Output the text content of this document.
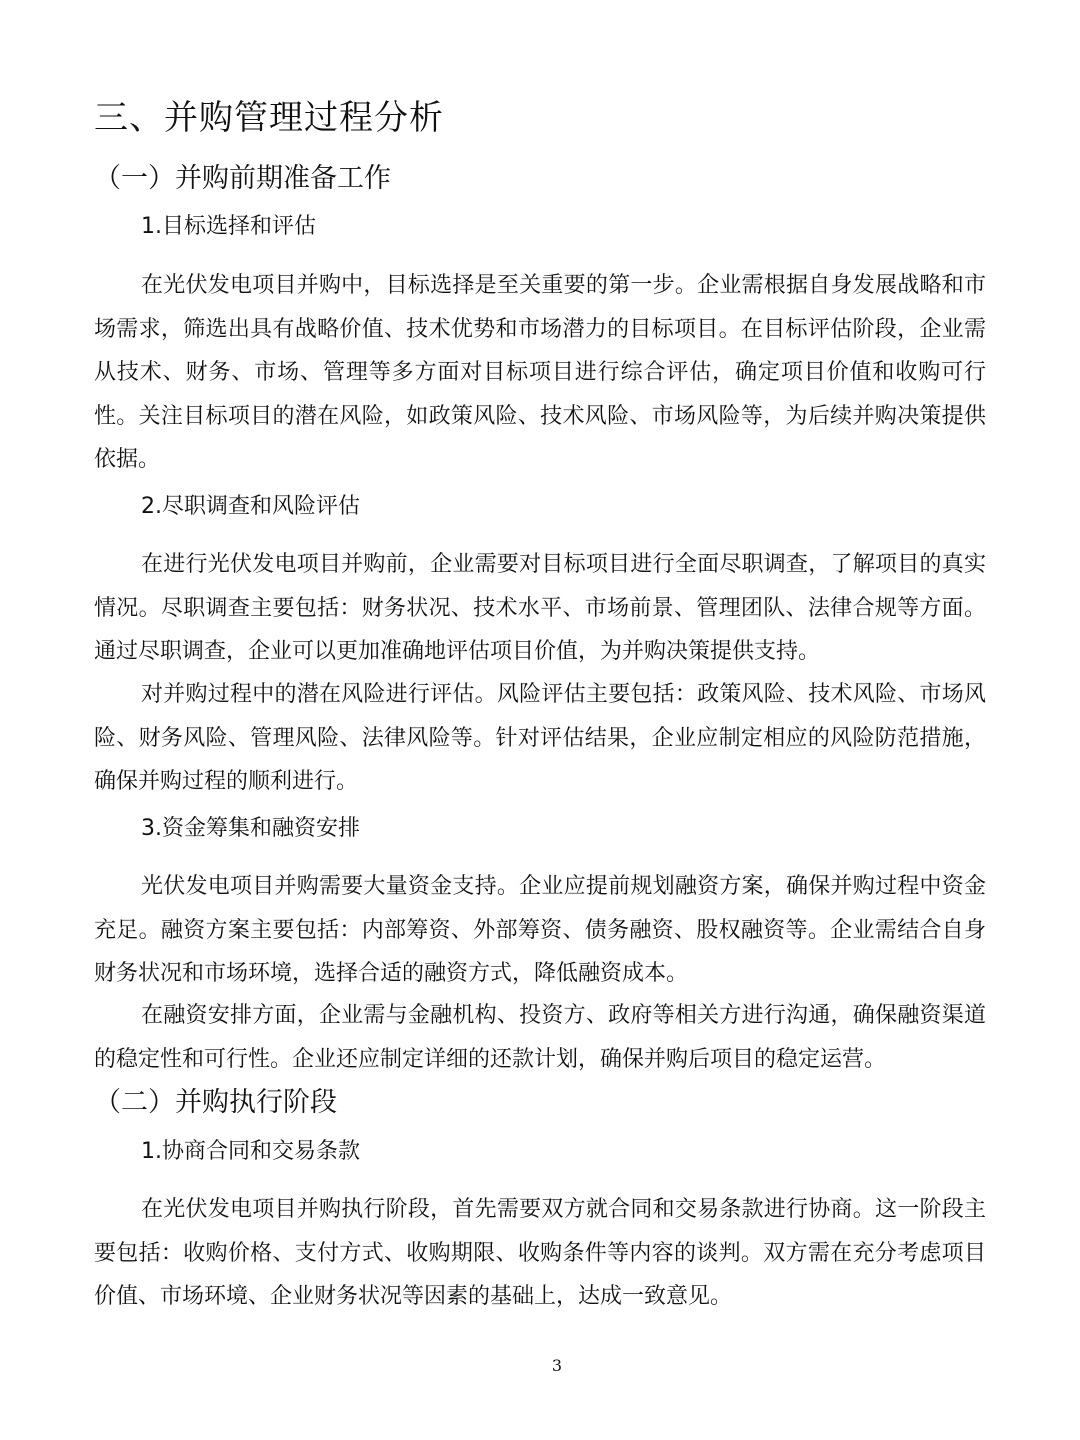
三、并购管理过程分析
（一）并购前期准备工作
1.目标选择和评估

在光伏发电项目并购中，目标选择是至关重要的第一步。企业需根据自身发展战略和市场需求，筛选出具有战略价值、技术优势和市场潜力的目标项目。在目标评估阶段，企业需从技术、财务、市场、管理等多方面对目标项目进行综合评估，确定项目价值和收购可行性。关注目标项目的潜在风险，如政策风险、技术风险、市场风险等，为后续并购决策提供依据。

2.尽职调查和风险评估

在进行光伏发电项目并购前，企业需要对目标项目进行全面尽职调查，了解项目的真实情况。尽职调查主要包括：财务状况、技术水平、市场前景、管理团队、法律合规等方面。通过尽职调查，企业可以更加准确地评估项目价值，为并购决策提供支持。

对并购过程中的潜在风险进行评估。风险评估主要包括：政策风险、技术风险、市场风险、财务风险、管理风险、法律风险等。针对评估结果，企业应制定相应的风险防范措施，确保并购过程的顺利进行。

3.资金筹集和融资安排

光伏发电项目并购需要大量资金支持。企业应提前规划融资方案，确保并购过程中资金充足。融资方案主要包括：内部筹资、外部筹资、债务融资、股权融资等。企业需结合自身财务状况和市场环境，选择合适的融资方式，降低融资成本。

在融资安排方面，企业需与金融机构、投资方、政府等相关方进行沟通，确保融资渠道的稳定性和可行性。企业还应制定详细的还款计划，确保并购后项目的稳定运营。

（二）并购执行阶段
1.协商合同和交易条款

在光伏发电项目并购执行阶段，首先需要双方就合同和交易条款进行协商。这一阶段主要包括：收购价格、支付方式、收购期限、收购条件等内容的谈判。双方需在充分考虑项目价值、市场环境、企业财务状况等因素的基础上，达成一致意见。

3
